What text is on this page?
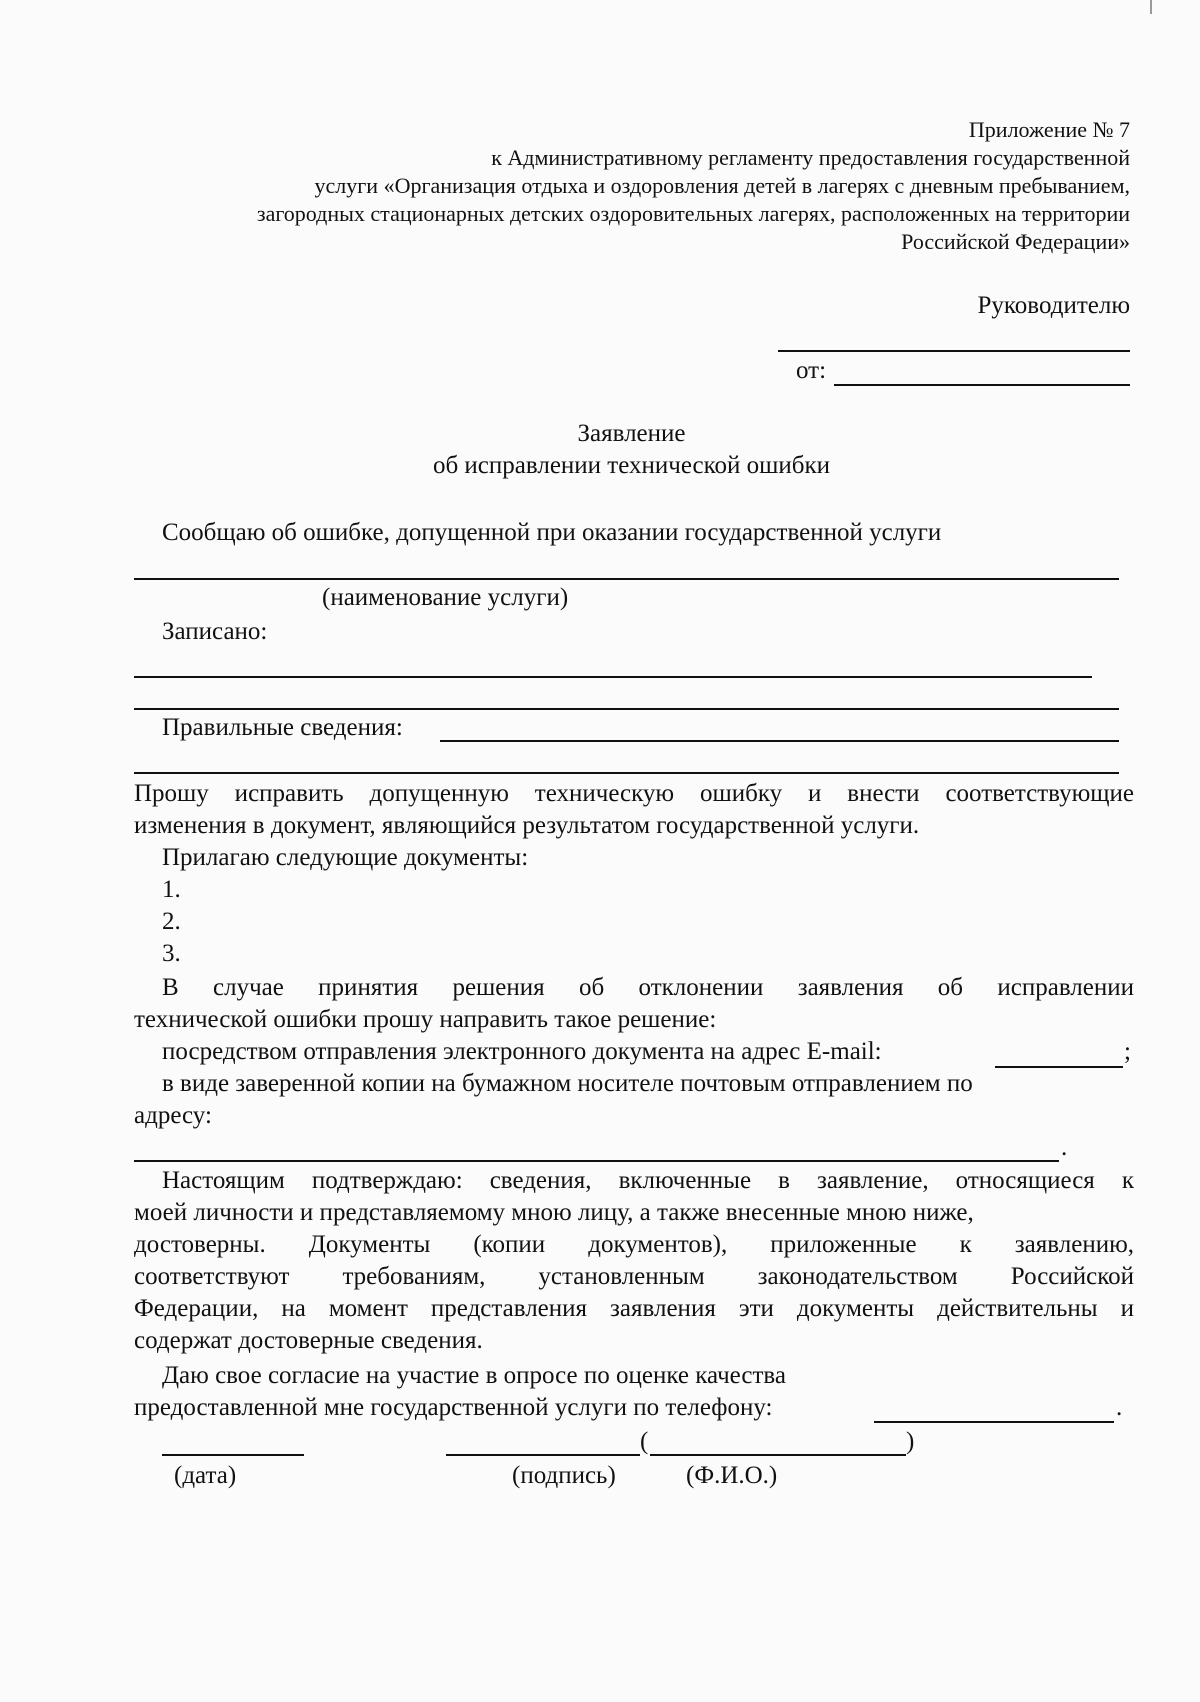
Приложение № 7
к Административному регламенту предоставления государственной
услуги «Организация отдыха и оздоровления детей в лагерях с дневным пребыванием,
загородных стационарных детских оздоровительных лагерях, расположенных на территории
Российской Федерации»
Руководителю
от:
Заявление
об исправлении технической ошибки
Сообщаю об ошибке, допущенной при оказании государственной услуги
(наименование услуги)
Записано:
Правильные сведения:
Прошу исправить допущенную техническую ошибку и внести соответствующие
изменения в документ, являющийся результатом государственной услуги.
Прилагаю следующие документы:
1.
2.
3.
В случае принятия решения об отклонении заявления об исправлении
технической ошибки прошу направить такое решение:
посредством отправления электронного документа на адрес E-mail:	;
в виде заверенной копии на бумажном носителе почтовым отправлением по
адресу:
.
Настоящим подтверждаю: сведения, включенные в заявление, относящиеся к
моей личности и представляемому мною лицу, а также внесенные мною ниже,
достоверны. Документы (копии документов), приложенные к заявлению,
соответствуют требованиям, установленным законодательством Российской
Федерации, на момент представления заявления эти документы действительны и
содержат достоверные сведения.
Даю свое согласие на участие в опросе по оценке качества
предоставленной мне государственной услуги по телефону:	.
(	)
(дата)	(подпись)	(Ф.И.О.)
